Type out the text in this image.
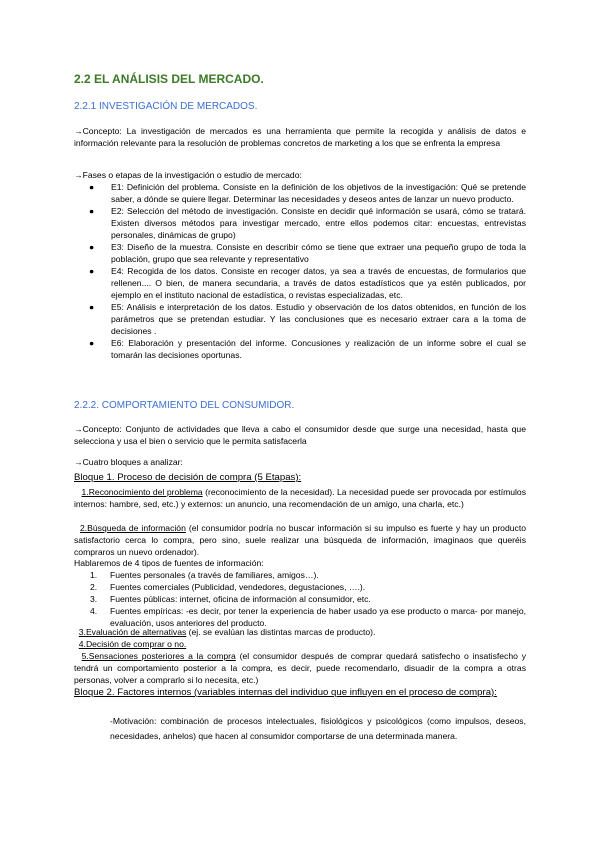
2.2 EL ANÁLISIS DEL MERCADO.
2.2.1 INVESTIGACIÓN DE MERCADOS.
→Concepto: La investigación de mercados es una herramienta que permite la recogida y análisis de datos e información relevante para la resolución de problemas concretos de marketing a los que se enfrenta la empresa
→Fases o etapas de la investigación o estudio de mercado:
● E1: Definición del problema. Consiste en la definición de los objetivos de la investigación: Qué se pretende saber, a dónde se quiere llegar. Determinar las necesidades y deseos antes de lanzar un nuevo producto.
● E2: Selección del método de investigación. Consiste en decidir qué información se usará, cómo se tratará. Existen diversos métodos para investigar mercado, entre ellos podemos citar: encuestas, entrevistas personales, dinámicas de grupo)
● E3: Diseño de la muestra. Consiste en describir cómo se tiene que extraer una pequeño grupo de toda la población, grupo que sea relevante y representativo
● E4: Recogida de los datos. Consiste en recoger datos, ya sea a través de encuestas, de formularios que rellenen.... O bien, de manera secundaria, a través de datos estadísticos que ya estén publicados, por ejemplo en el instituto nacional de estadística, o revistas especializadas, etc.
● E5: Análisis e interpretación de los datos. Estudio y observación de los datos obtenidos, en función de los parámetros que se pretendan estudiar. Y las conclusiones que es necesario extraer cara a la toma de decisiones .
● E6: Elaboración y presentación del informe. Concusiones y realización de un informe sobre el cual se tomarán las decisiones oportunas.
2.2.2. COMPORTAMIENTO DEL CONSUMIDOR.
→Concepto: Conjunto de actividades que lleva a cabo el consumidor desde que surge una necesidad, hasta que selecciona y usa el bien o servicio que le permita satisfacerla
→Cuatro bloques a analizar:
Bloque 1. Proceso de decisión de compra (5 Etapas):
1.Reconocimiento del problema (reconocimiento de la necesidad). La necesidad puede ser provocada por estímulos internos: hambre, sed, etc.) y externos: un anuncio, una recomendación de un amigo, una charla, etc.)
2.Búsqueda de información (el consumidor podría no buscar información si su impulso es fuerte y hay un producto satisfactorio cerca lo compra, pero sino, suele realizar una búsqueda de información, imaginaos que queréis compraros un nuevo ordenador).
Hablaremos de 4 tipos de fuentes de información:
1. Fuentes personales (a través de familiares, amigos…).
2. Fuentes comerciales (Publicidad, vendedores, degustaciones, ….).
3. Fuentes públicas: internet, oficina de información al consumidor, etc.
4. Fuentes empíricas: -es decir, por tener la experiencia de haber usado ya ese producto o marca- por manejo, evaluación, usos anteriores del producto.
3.Evaluación de alternativas (ej. se evalúan las distintas marcas de producto).
4.Decisión de comprar o no.
5.Sensaciones posteriores a la compra (el consumidor después de comprar quedará satisfecho o insatisfecho y tendrá un comportamiento posterior a la compra, es decir, puede recomendarlo, disuadir de la compra a otras personas, volver a comprarlo si lo necesita, etc.)
Bloque 2. Factores internos (variables internas del individuo que influyen en el proceso de compra):
-Motivación: combinación de procesos intelectuales, fisiológicos y psicológicos (como impulsos, deseos, necesidades, anhelos) que hacen al consumidor comportarse de una determinada manera.
